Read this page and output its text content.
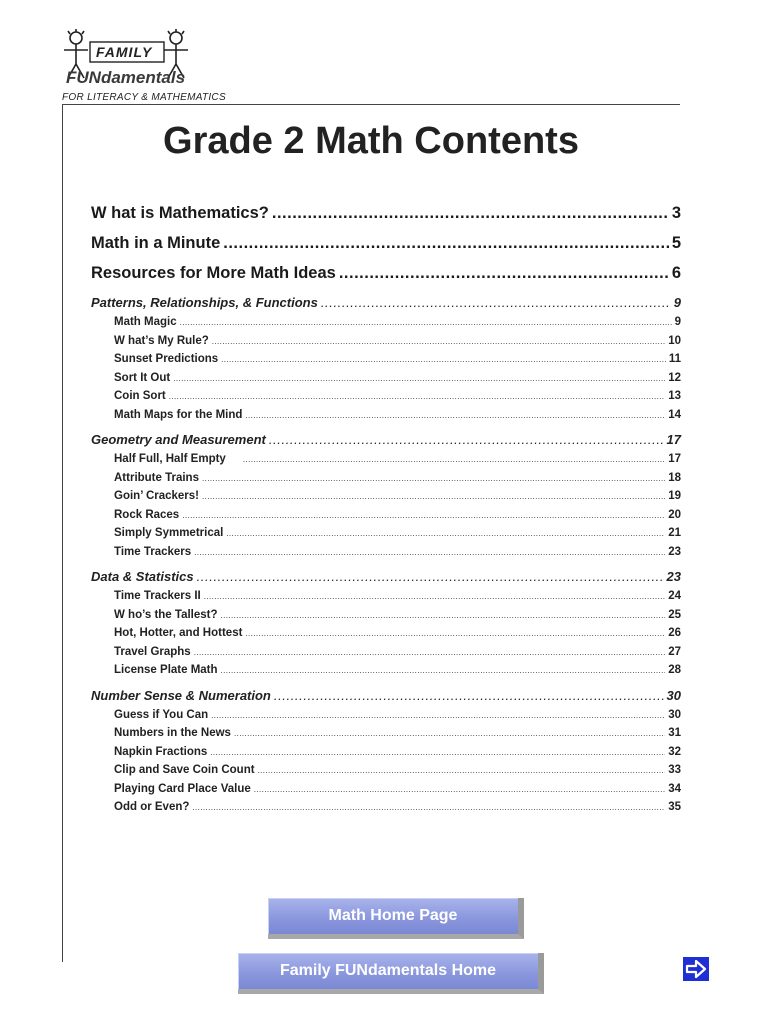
FAMILY
FUNdamentals
FOR LITERACY & MATHEMATICS
Grade 2 Math Contents
W hat is Mathematics? .....	3
Math in a Minute .....	5
Resources for More Math Ideas .....	6
Patterns, Relationships, & Functions .....	9
Math Magic .....	9
W hat’s My Rule? .....	10
Sunset Predictions .....	11
Sort It Out .....	12
Coin Sort .....	13
Math Maps for the Mind .....	14
Geometry and Measurement .....	17
Half Full, Half Empty .....	17
Attribute Trains .....	18
Goin’ Crackers! .....	19
Rock Races .....	20
Simply Symmetrical .....	21
Time Trackers .....	23
Data & Statistics .....	23
Time Trackers II .....	24
W ho’s the Tallest? .....	25
Hot, Hotter, and Hottest .....	26
Travel Graphs .....	27
License Plate Math .....	28
Number Sense & Numeration .....	30
Guess if You Can .....	30
Numbers in the News .....	31
Napkin Fractions .....	32
Clip and Save Coin Count .....	33
Playing Card Place Value .....	34
Odd or Even? .....	35
Math Home Page
Family FUNdamentals Home
